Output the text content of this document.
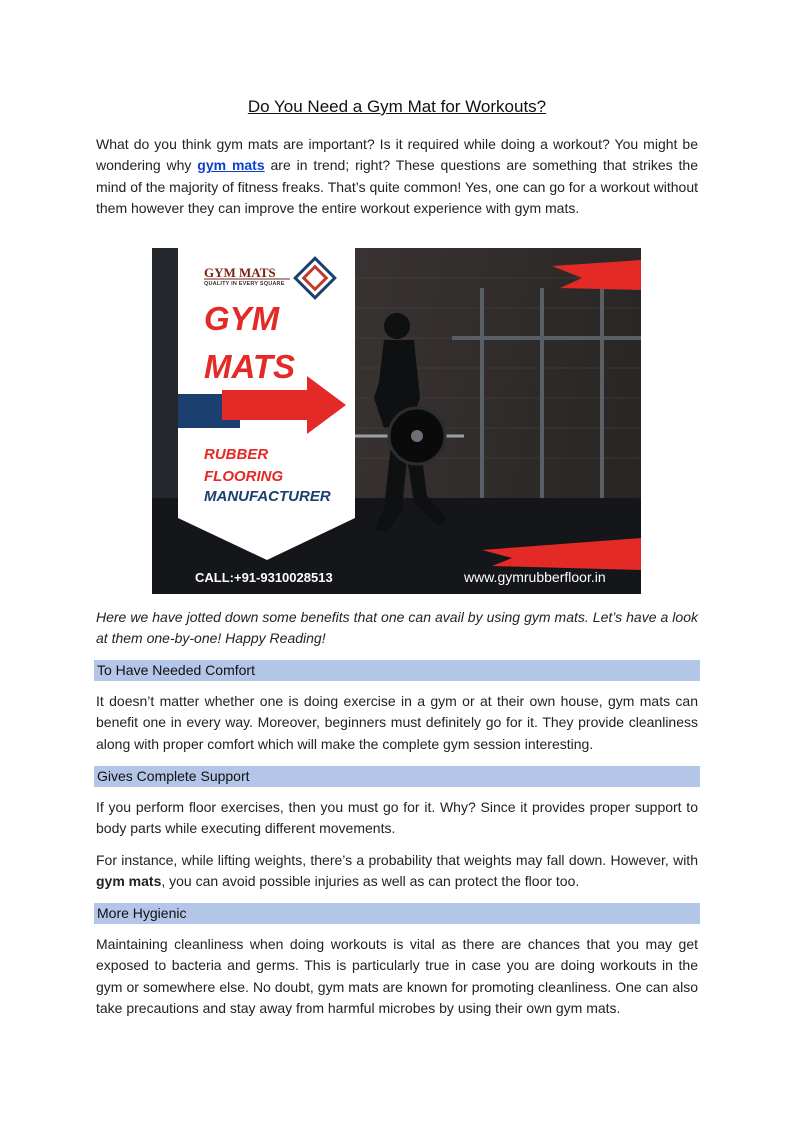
Do You Need a Gym Mat for Workouts?

What do you think gym mats are important? Is it required while doing a workout? You might be wondering why gym mats are in trend; right? These questions are something that strikes the mind of the majority of fitness freaks. That’s quite common! Yes, one can go for a workout without them however they can improve the entire workout experience with gym mats.

GYM MATS
QUALITY IN EVERY SQUARE
GYM
MATS
RUBBER
FLOORING
MANUFACTURER
CALL:+91-9310028513	www.gymrubberfloor.in

Here we have jotted down some benefits that one can avail by using gym mats. Let’s have a look at them one-by-one! Happy Reading!

To Have Needed Comfort

It doesn’t matter whether one is doing exercise in a gym or at their own house, gym mats can benefit one in every way. Moreover, beginners must definitely go for it. They provide cleanliness along with proper comfort which will make the complete gym session interesting.

Gives Complete Support

If you perform floor exercises, then you must go for it. Why? Since it provides proper support to body parts while executing different movements.

For instance, while lifting weights, there’s a probability that weights may fall down. However, with gym mats, you can avoid possible injuries as well as can protect the floor too.

More Hygienic

Maintaining cleanliness when doing workouts is vital as there are chances that you may get exposed to bacteria and germs. This is particularly true in case you are doing workouts in the gym or somewhere else. No doubt, gym mats are known for promoting cleanliness. One can also take precautions and stay away from harmful microbes by using their own gym mats.
